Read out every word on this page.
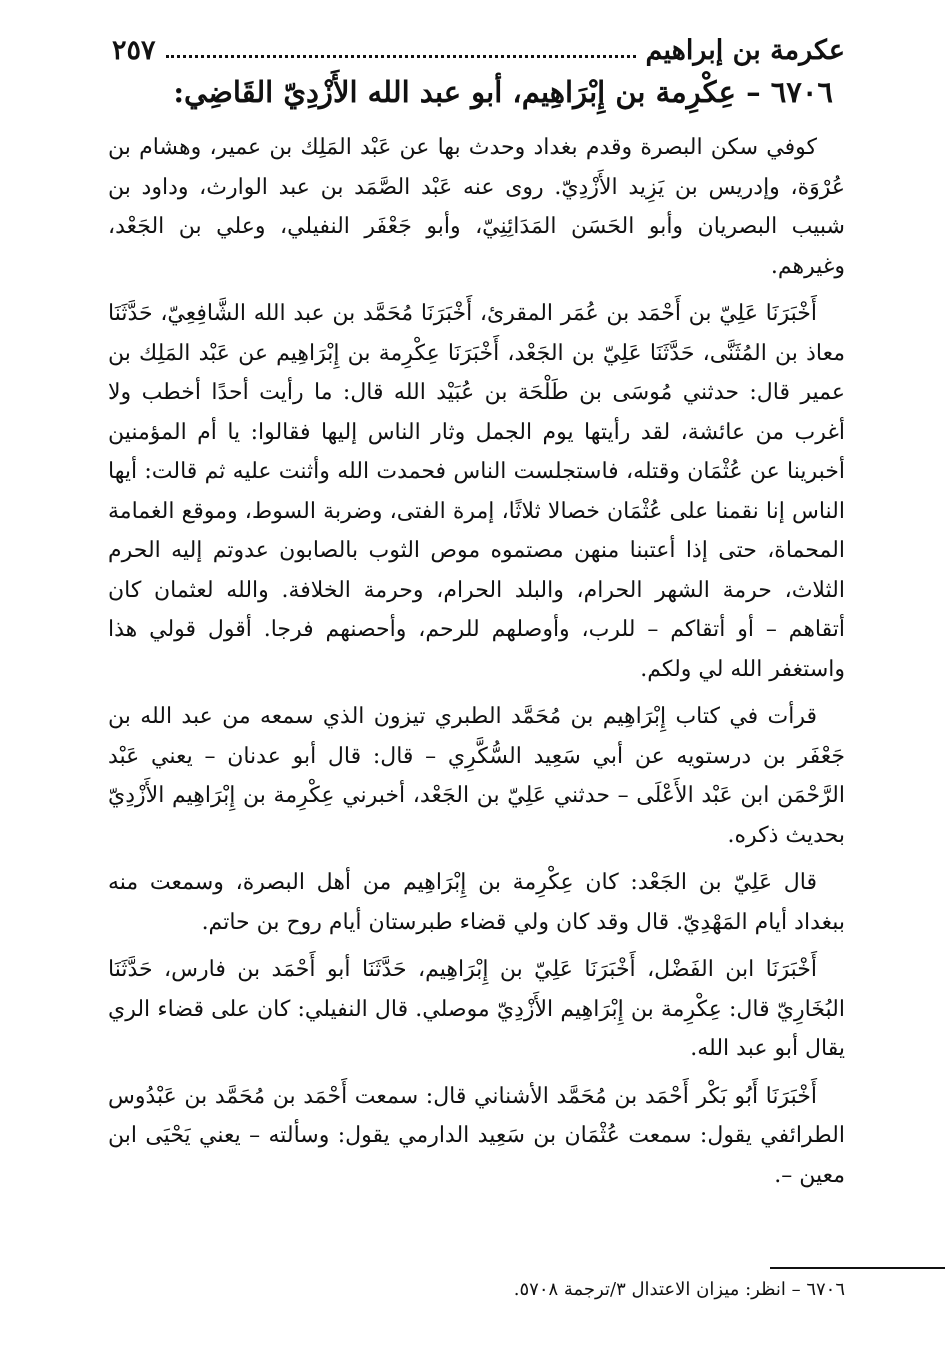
عكرمة بن إبراهيم
٢٥٧
٦٧٠٦ – عِكْرِمة بن إِبْرَاهِيم، أبو عبد الله الأَزْدِيّ القَاضِي:

كوفي سكن البصرة وقدم بغداد وحدث بها عن عَبْد المَلِك بن عمير، وهشام بن عُرْوَة، وإدريس بن يَزِيد الأَزْدِيّ. روى عنه عَبْد الصَّمَد بن عبد الوارث، وداود بن شبيب البصريان وأبو الحَسَن المَدَائِنِيّ، وأبو جَعْفَر النفيلي، وعلي بن الجَعْد، وغيرهم.

أَخْبَرَنَا عَلِيّ بن أَحْمَد بن عُمَر المقرئ، أَخْبَرَنَا مُحَمَّد بن عبد الله الشَّافِعِيّ، حَدَّثَنَا معاذ بن المُثَنَّى، حَدَّثَنَا عَلِيّ بن الجَعْد، أَخْبَرَنَا عِكْرِمة بن إِبْرَاهِيم عن عَبْد المَلِك بن عمير قال: حدثني مُوسَى بن طَلْحَة بن عُبَيْد الله قال: ما رأيت أحدًا أخطب ولا أغرب من عائشة، لقد رأيتها يوم الجمل وثار الناس إليها فقالوا: يا أم المؤمنين أخبرينا عن عُثْمَان وقتله، فاستجلست الناس فحمدت الله وأثنت عليه ثم قالت: أيها الناس إنا نقمنا على عُثْمَان خصالا ثلاثًا، إمرة الفتى، وضربة السوط، وموقع الغمامة المحماة، حتى إذا أعتبنا منهن مصتموه موص الثوب بالصابون عدوتم إليه الحرم الثلاث، حرمة الشهر الحرام، والبلد الحرام، وحرمة الخلافة. والله لعثمان كان أتقاهم – أو أتقاكم – للرب، وأوصلهم للرحم، وأحصنهم فرجا. أقول قولي هذا واستغفر الله لي ولكم.

قرأت في كتاب إِبْرَاهِيم بن مُحَمَّد الطبري تيزون الذي سمعه من عبد الله بن جَعْفَر بن درستويه عن أبي سَعِيد السُّكَّرِي – قال: قال أبو عدنان – يعني عَبْد الرَّحْمَن ابن عَبْد الأَعْلَى – حدثني عَلِيّ بن الجَعْد، أخبرني عِكْرِمة بن إِبْرَاهِيم الأَزْدِيّ بحديث ذكره.

قال عَلِيّ بن الجَعْد: كان عِكْرِمة بن إِبْرَاهِيم من أهل البصرة، وسمعت منه ببغداد أيام المَهْدِيّ. قال وقد كان ولي قضاء طبرستان أيام روح بن حاتم.

أَخْبَرَنَا ابن الفَضْل، أَخْبَرَنَا عَلِيّ بن إِبْرَاهِيم، حَدَّثَنَا أبو أَحْمَد بن فارس، حَدَّثَنَا البُخَارِيّ قال: عِكْرِمة بن إِبْرَاهِيم الأَزْدِيّ موصلي. قال النفيلي: كان على قضاء الري يقال أبو عبد الله.

أَخْبَرَنَا أَبُو بَكْر أَحْمَد بن مُحَمَّد الأشناني قال: سمعت أَحْمَد بن مُحَمَّد بن عَبْدُوس الطرائفي يقول: سمعت عُثْمَان بن سَعِيد الدارمي يقول: وسألته – يعني يَحْيَى ابن معين –.

٦٧٠٦ – انظر: ميزان الاعتدال ٣/ترجمة ٥٧٠٨.
